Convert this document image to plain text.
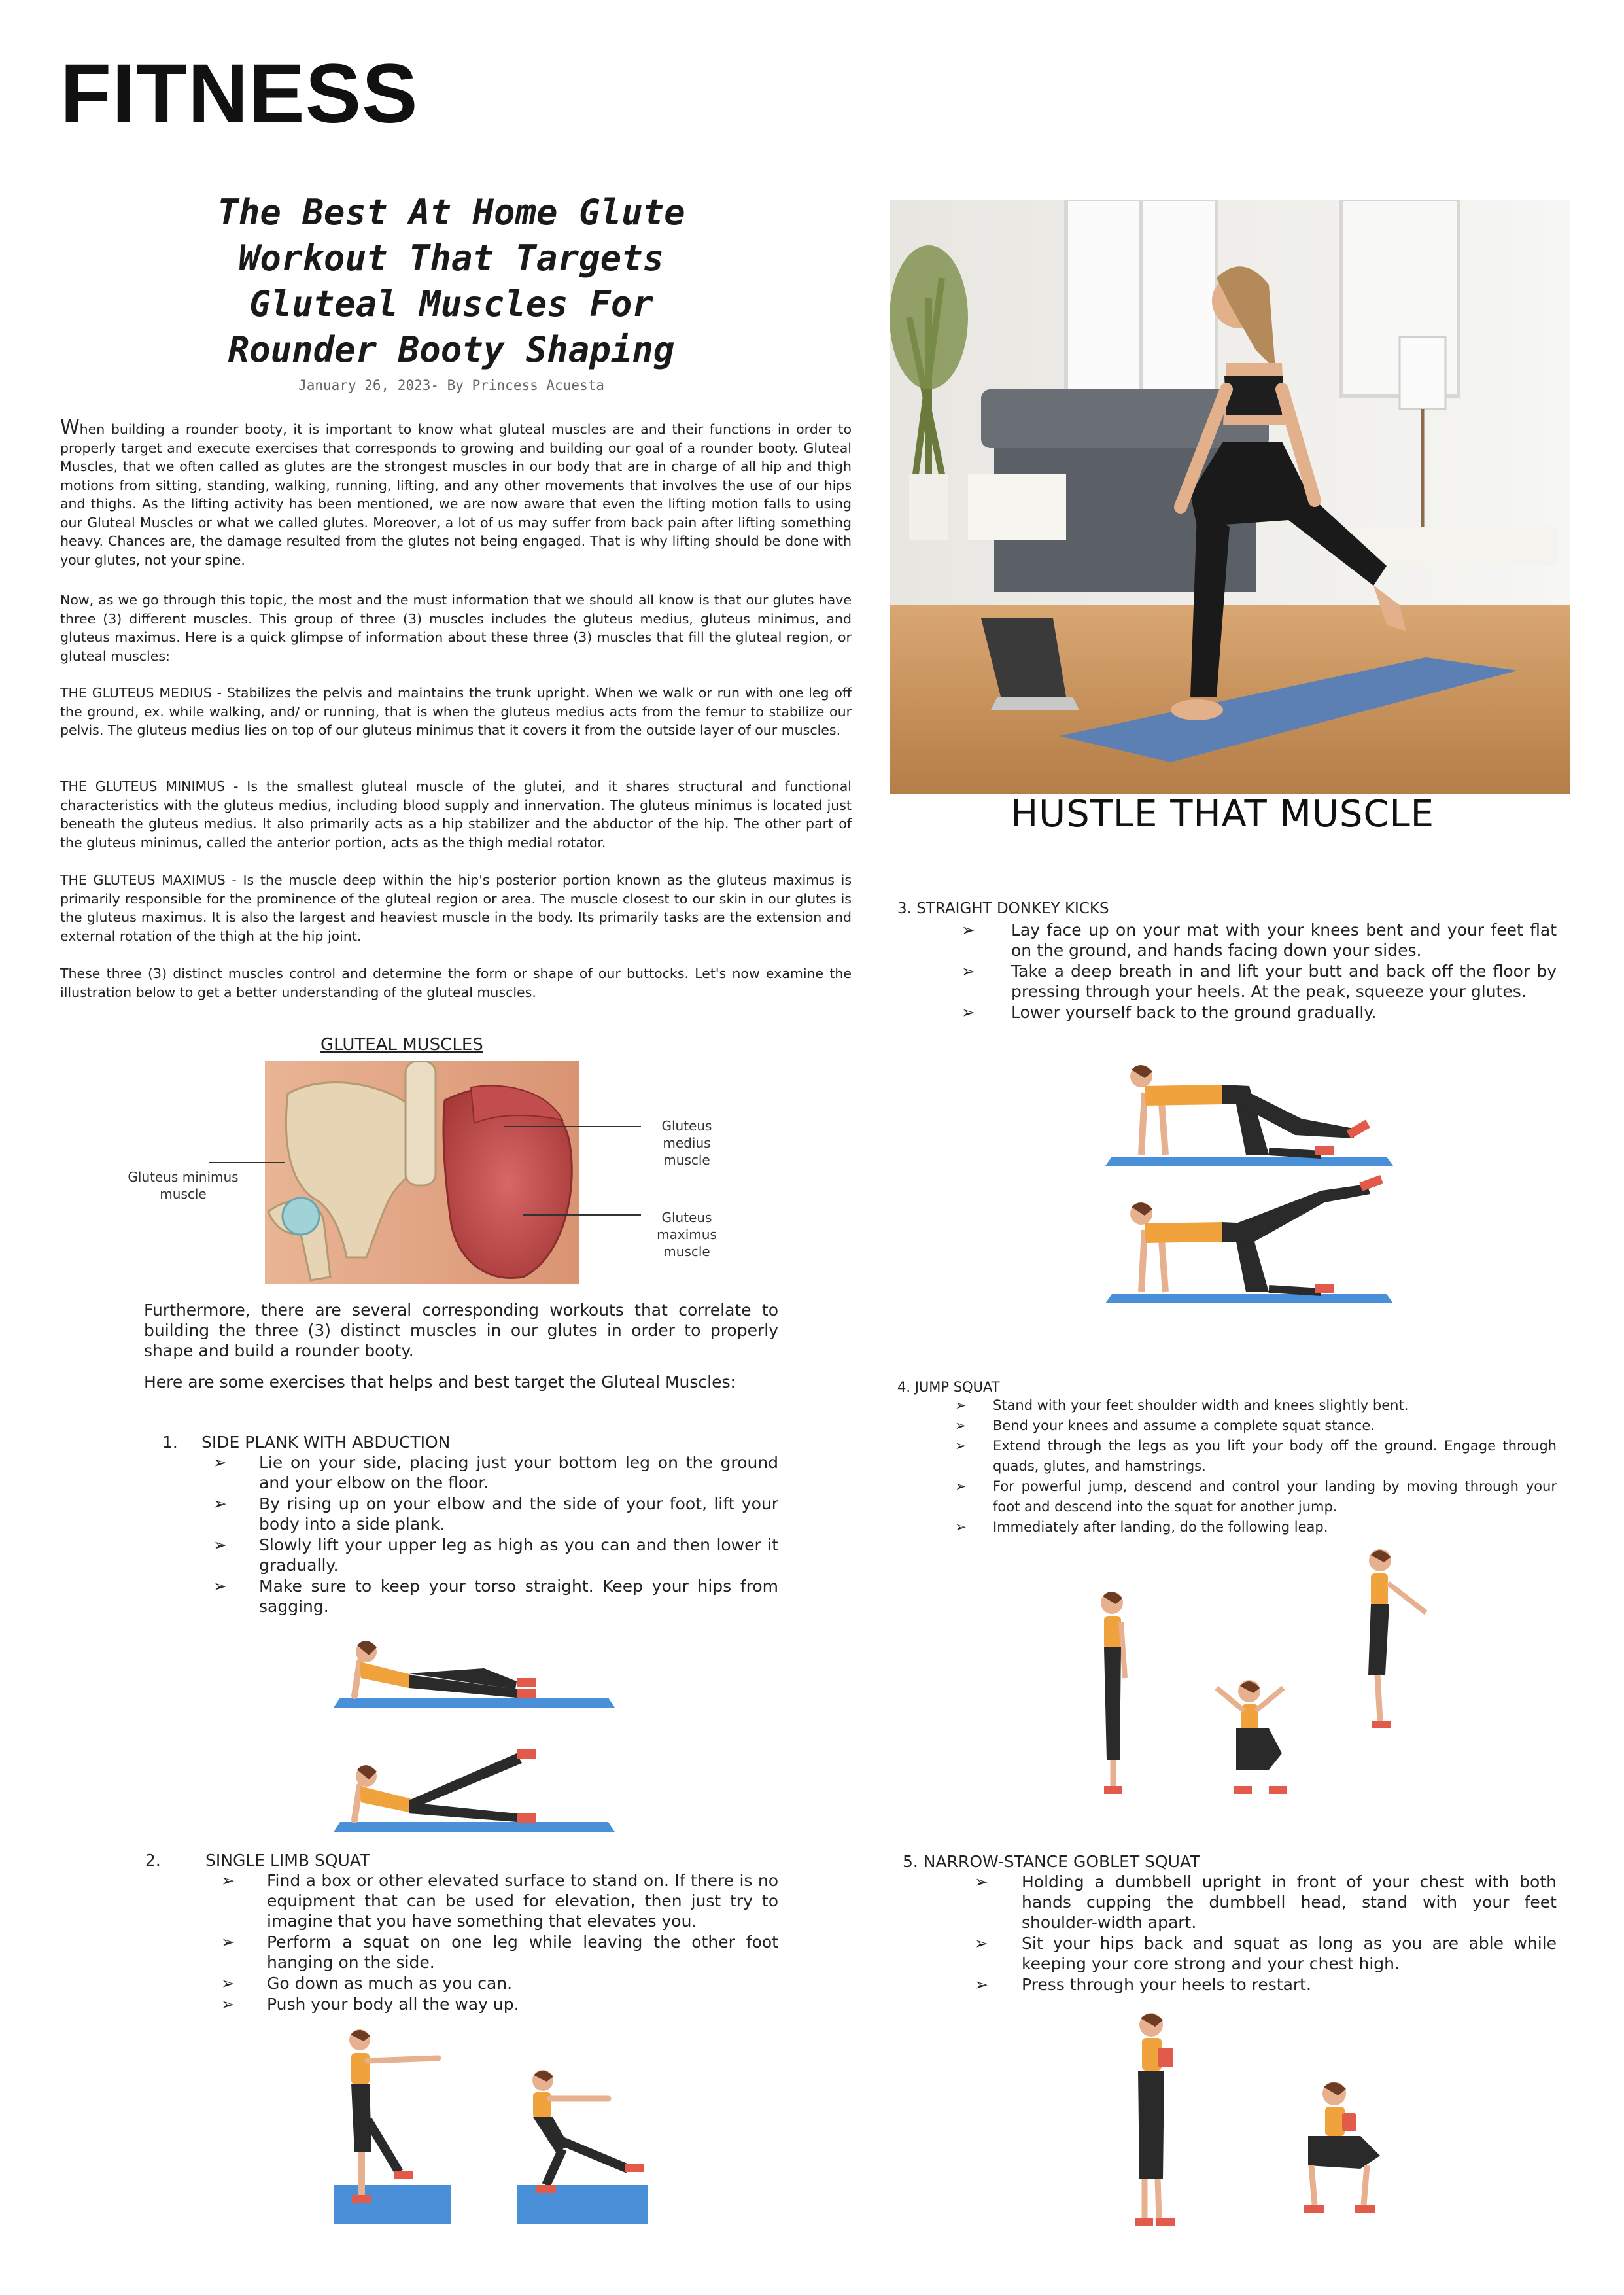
FITNESS
The Best At Home Glute
Workout That Targets
Gluteal Muscles For
Rounder Booty Shaping
January 26, 2023- By Princess Acuesta
When building a rounder booty, it is important to know what gluteal muscles are and their functions in order to properly target and execute exercises that corresponds to growing and building our goal of a rounder booty. Gluteal Muscles, that we often called as glutes are the strongest muscles in our body that are in charge of all hip and thigh motions from sitting, standing, walking, running, lifting, and any other movements that involves the use of our hips and thighs. As the lifting activity has been mentioned, we are now aware that even the lifting motion falls to using our Gluteal Muscles or what we called glutes. Moreover, a lot of us may suffer from back pain after lifting something heavy. Chances are, the damage resulted from the glutes not being engaged. That is why lifting should be done with your glutes, not your spine.
Now, as we go through this topic, the most and the must information that we should all know is that our glutes have three (3) different muscles. This group of three (3) muscles includes the gluteus medius, gluteus minimus, and gluteus maximus. Here is a quick glimpse of information about these three (3) muscles that fill the gluteal region, or gluteal muscles:
THE GLUTEUS MEDIUS - Stabilizes the pelvis and maintains the trunk upright. When we walk or run with one leg off the ground, ex. while walking, and/ or running, that is when the gluteus medius acts from the femur to stabilize our pelvis. The gluteus medius lies on top of our gluteus minimus that it covers it from the outside layer of our muscles.
THE GLUTEUS MINIMUS - Is the smallest gluteal muscle of the glutei, and it shares structural and functional characteristics with the gluteus medius, including blood supply and innervation. The gluteus minimus is located just beneath the gluteus medius. It also primarily acts as a hip stabilizer and the abductor of the hip. The other part of the gluteus minimus, called the anterior portion, acts as the thigh medial rotator.
THE GLUTEUS MAXIMUS - Is the muscle deep within the hip's posterior portion known as the gluteus maximus is primarily responsible for the prominence of the gluteal region or area. The muscle closest to our skin in our glutes is the gluteus maximus. It is also the largest and heaviest muscle in the body. Its primarily tasks are the extension and external rotation of the thigh at the hip joint.
These three (3) distinct muscles control and determine the form or shape of our buttocks. Let's now examine the illustration below to get a better understanding of the gluteal muscles.
GLUTEAL MUSCLES
Gluteus medius muscle
Gluteus minimus muscle
Gluteus maximus muscle
Furthermore, there are several corresponding workouts that correlate to building the three (3) distinct muscles in our glutes in order to properly shape and build a rounder booty.
Here are some exercises that helps and best target the Gluteal Muscles:
1. SIDE PLANK WITH ABDUCTION
➢ Lie on your side, placing just your bottom leg on the ground and your elbow on the floor.
➢ By rising up on your elbow and the side of your foot, lift your body into a side plank.
➢ Slowly lift your upper leg as high as you can and then lower it gradually.
➢ Make sure to keep your torso straight. Keep your hips from sagging.
2.	SINGLE LIMB SQUAT
➢ Find a box or other elevated surface to stand on. If there is no equipment that can be used for elevation, then just try to imagine that you have something that elevates you.
➢ Perform a squat on one leg while leaving the other foot hanging on the side.
➢ Go down as much as you can.
➢ Push your body all the way up.
HUSTLE THAT MUSCLE
3. STRAIGHT DONKEY KICKS
➢ Lay face up on your mat with your knees bent and your feet flat on the ground, and hands facing down your sides.
➢ Take a deep breath in and lift your butt and back off the floor by pressing through your heels. At the peak, squeeze your glutes.
➢ Lower yourself back to the ground gradually.
4. JUMP SQUAT
➢ Stand with your feet shoulder width and knees slightly bent.
➢ Bend your knees and assume a complete squat stance.
➢ Extend through the legs as you lift your body off the ground. Engage through quads, glutes, and hamstrings.
➢ For powerful jump, descend and control your landing by moving through your foot and descend into the squat for another jump.
➢ Immediately after landing, do the following leap.
5. NARROW-STANCE GOBLET SQUAT
➢ Holding a dumbbell upright in front of your chest with both hands cupping the dumbbell head, stand with your feet shoulder-width apart.
➢ Sit your hips back and squat as long as you are able while keeping your core strong and your chest high.
➢ Press through your heels to restart.
